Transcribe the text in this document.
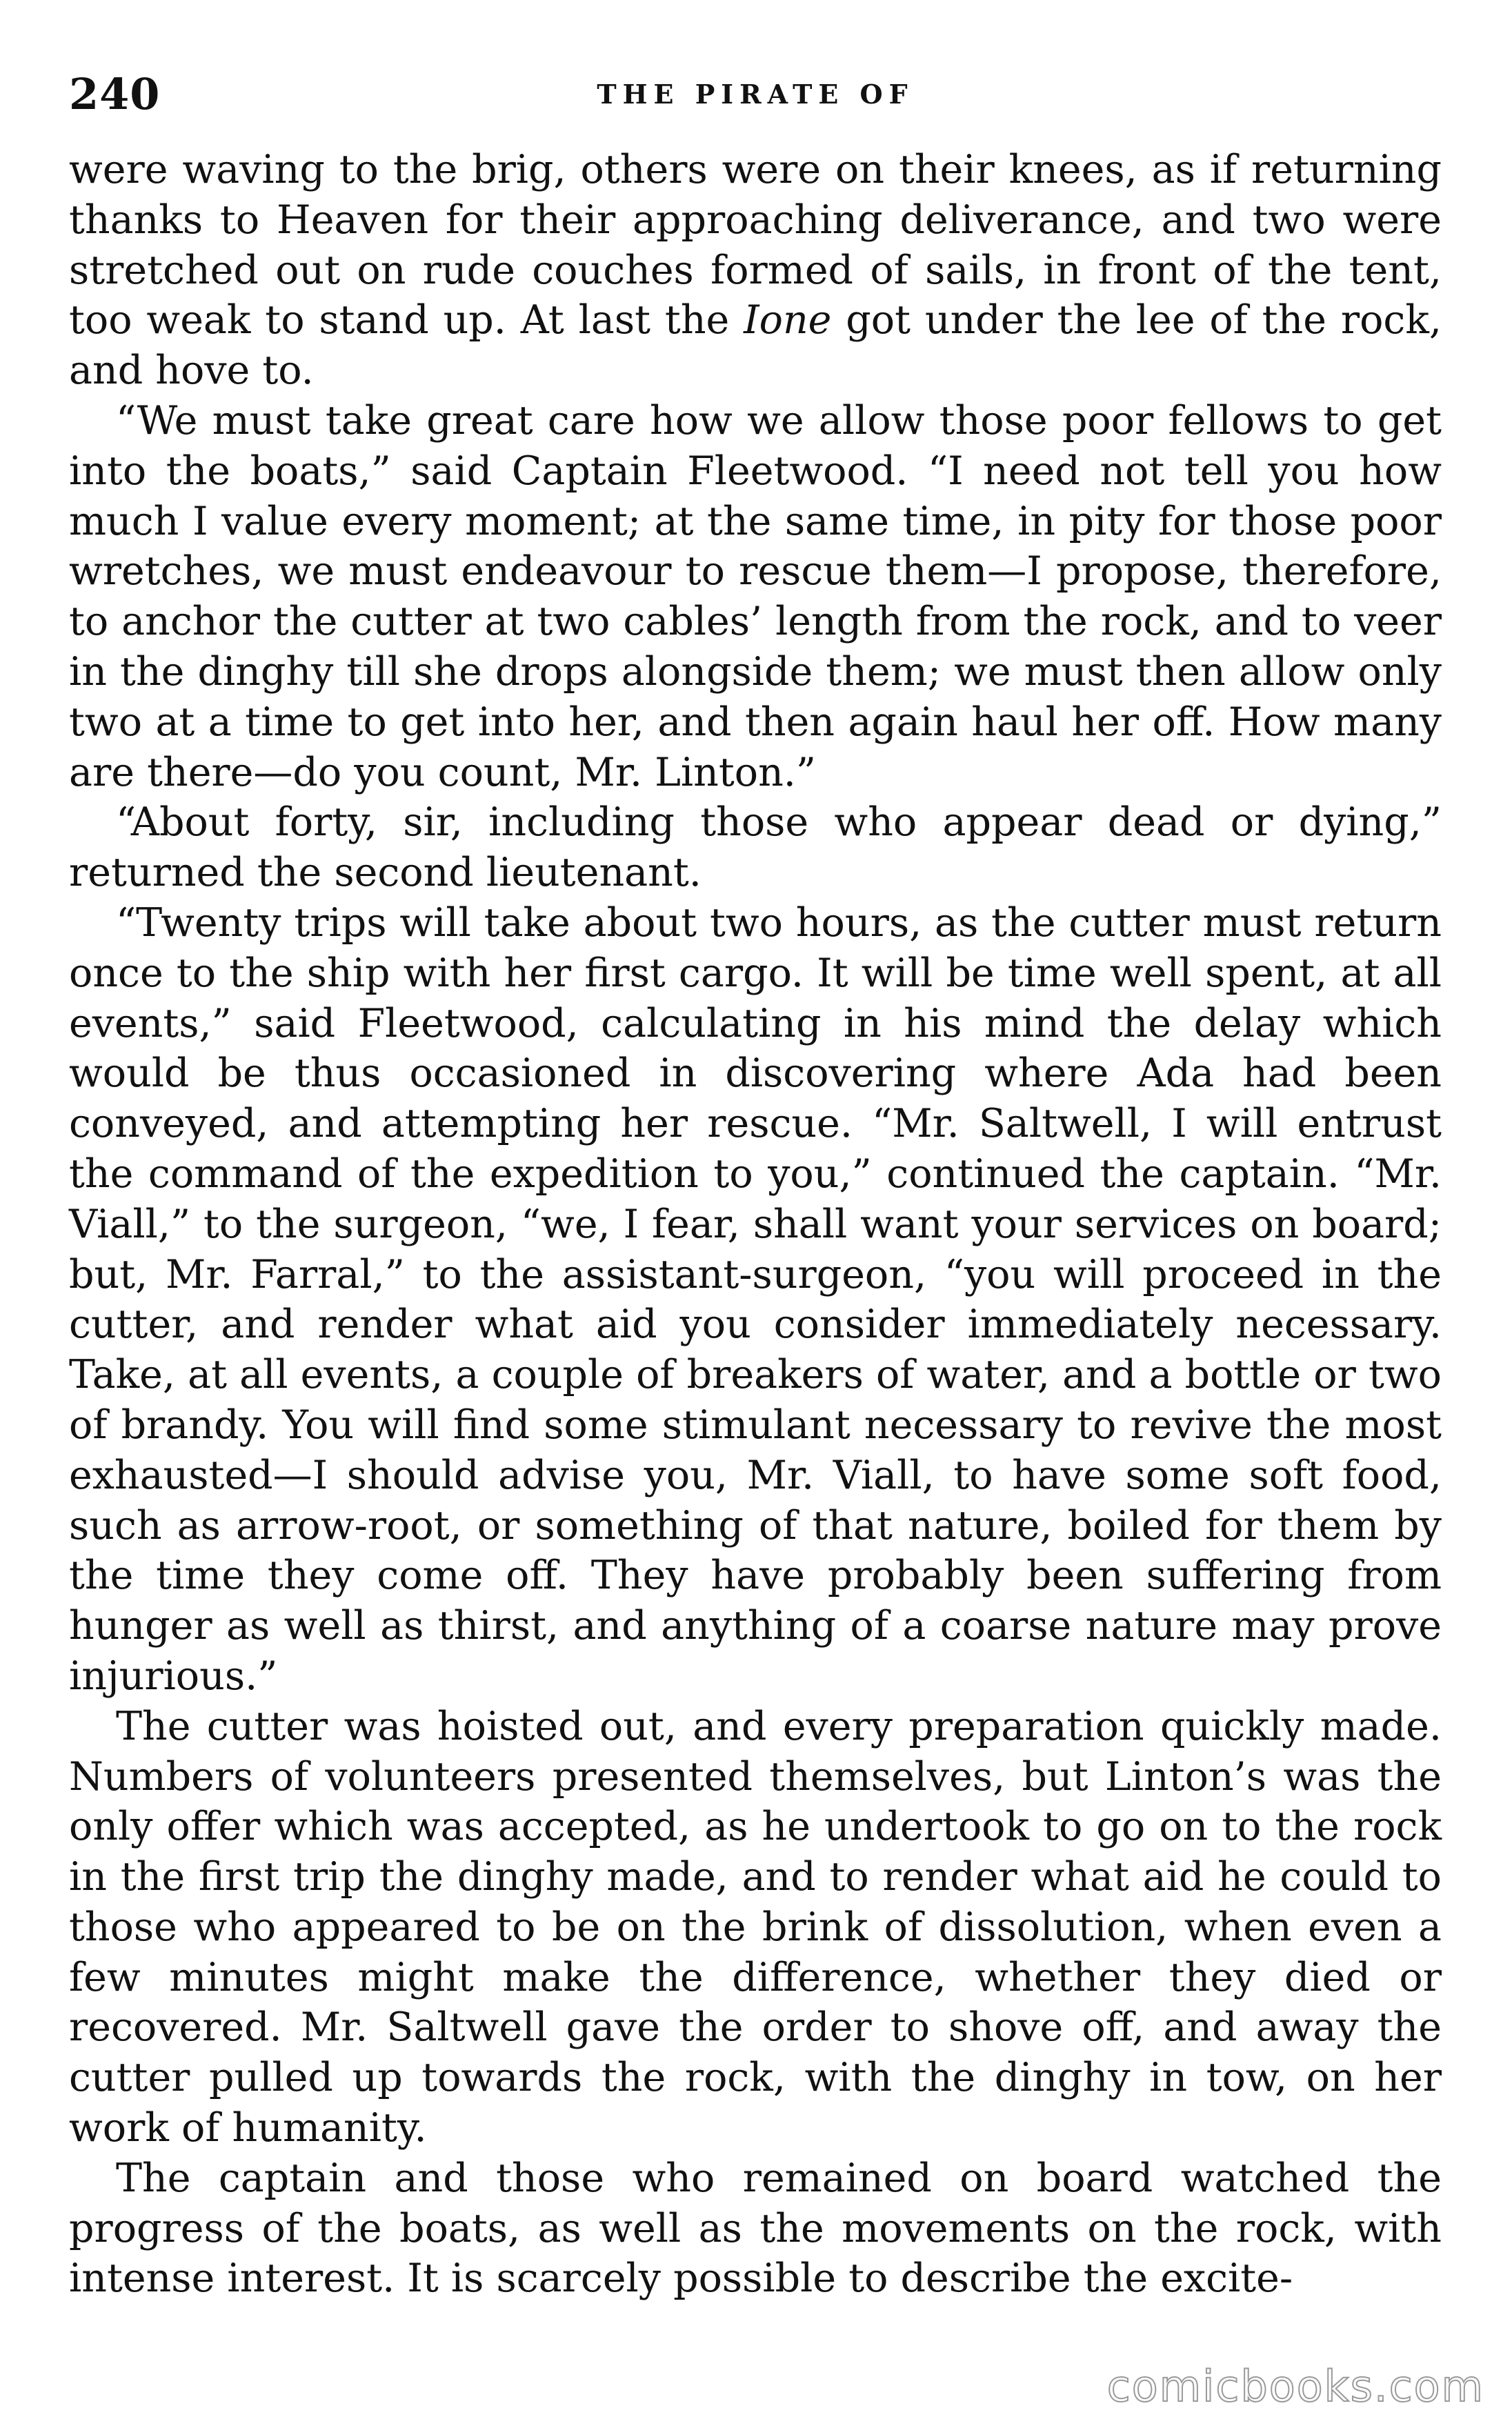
240	THE PIRATE OF

were waving to the brig, others were on their knees, as if returning thanks to Heaven for their approaching deliverance, and two were stretched out on rude couches formed of sails, in front of the tent, too weak to stand up. At last the Ione got under the lee of the rock, and hove to.

“We must take great care how we allow those poor fellows to get into the boats,” said Captain Fleetwood. “I need not tell you how much I value every moment; at the same time, in pity for those poor wretches, we must endeavour to rescue them—I propose, therefore, to anchor the cutter at two cables’ length from the rock, and to veer in the dinghy till she drops alongside them; we must then allow only two at a time to get into her, and then again haul her off. How many are there—do you count, Mr. Linton.”

“About forty, sir, including those who appear dead or dying,” returned the second lieutenant.

“Twenty trips will take about two hours, as the cutter must return once to the ship with her first cargo. It will be time well spent, at all events,” said Fleetwood, calculating in his mind the delay which would be thus occasioned in discovering where Ada had been conveyed, and attempting her rescue. “Mr. Saltwell, I will entrust the command of the expedition to you,” continued the captain. “Mr. Viall,” to the surgeon, “we, I fear, shall want your services on board; but, Mr. Farral,” to the assistant-surgeon, “you will proceed in the cutter, and render what aid you consider immediately necessary. Take, at all events, a couple of breakers of water, and a bottle or two of brandy. You will find some stimulant necessary to revive the most exhausted—I should advise you, Mr. Viall, to have some soft food, such as arrow-root, or something of that nature, boiled for them by the time they come off. They have probably been suffering from hunger as well as thirst, and anything of a coarse nature may prove injurious.”

The cutter was hoisted out, and every preparation quickly made. Numbers of volunteers presented themselves, but Linton’s was the only offer which was accepted, as he undertook to go on to the rock in the first trip the dinghy made, and to render what aid he could to those who appeared to be on the brink of dissolution, when even a few minutes might make the difference, whether they died or recovered. Mr. Saltwell gave the order to shove off, and away the cutter pulled up towards the rock, with the dinghy in tow, on her work of humanity.

The captain and those who remained on board watched the progress of the boats, as well as the movements on the rock, with intense interest. It is scarcely possible to describe the excite-

comicbooks.com
